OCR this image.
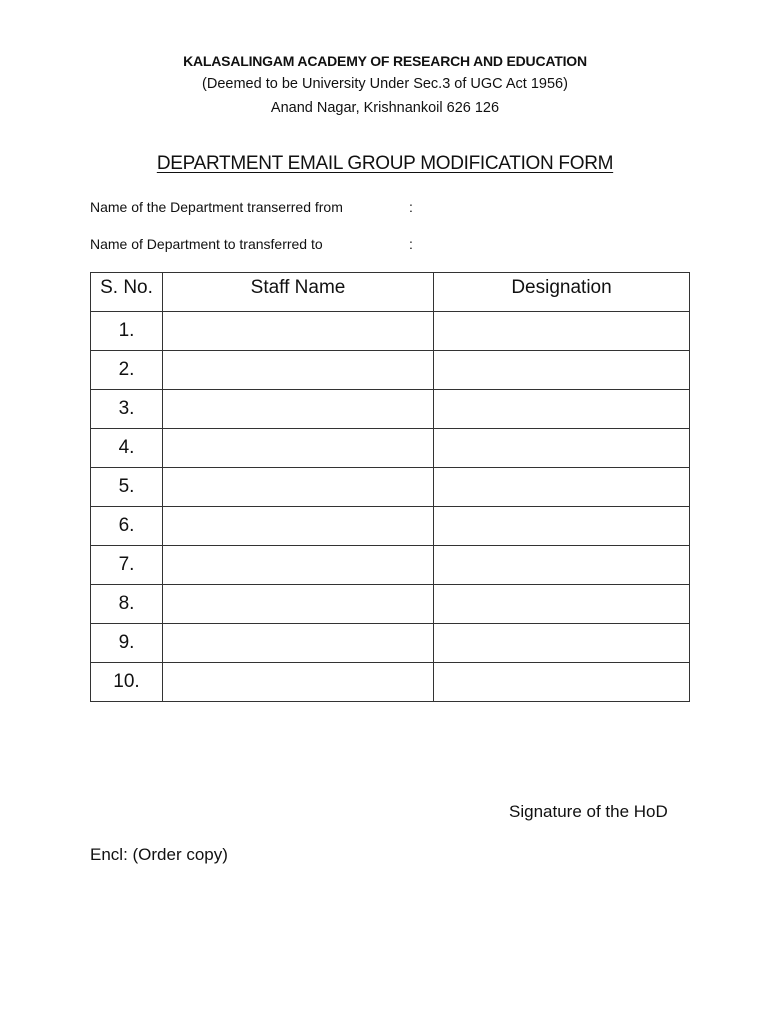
KALASALINGAM ACADEMY OF RESEARCH AND EDUCATION
(Deemed to be University Under Sec.3 of UGC Act 1956)
Anand Nagar, Krishnankoil 626 126
DEPARTMENT EMAIL GROUP MODIFICATION FORM
Name of the Department transerred from	:
Name of Department to transferred to	:
S. No.	Staff Name	Designation
1.		
2.		
3.		
4.		
5.		
6.		
7.		
8.		
9.		
10.		
Signature of the HoD
Encl: (Order copy)
